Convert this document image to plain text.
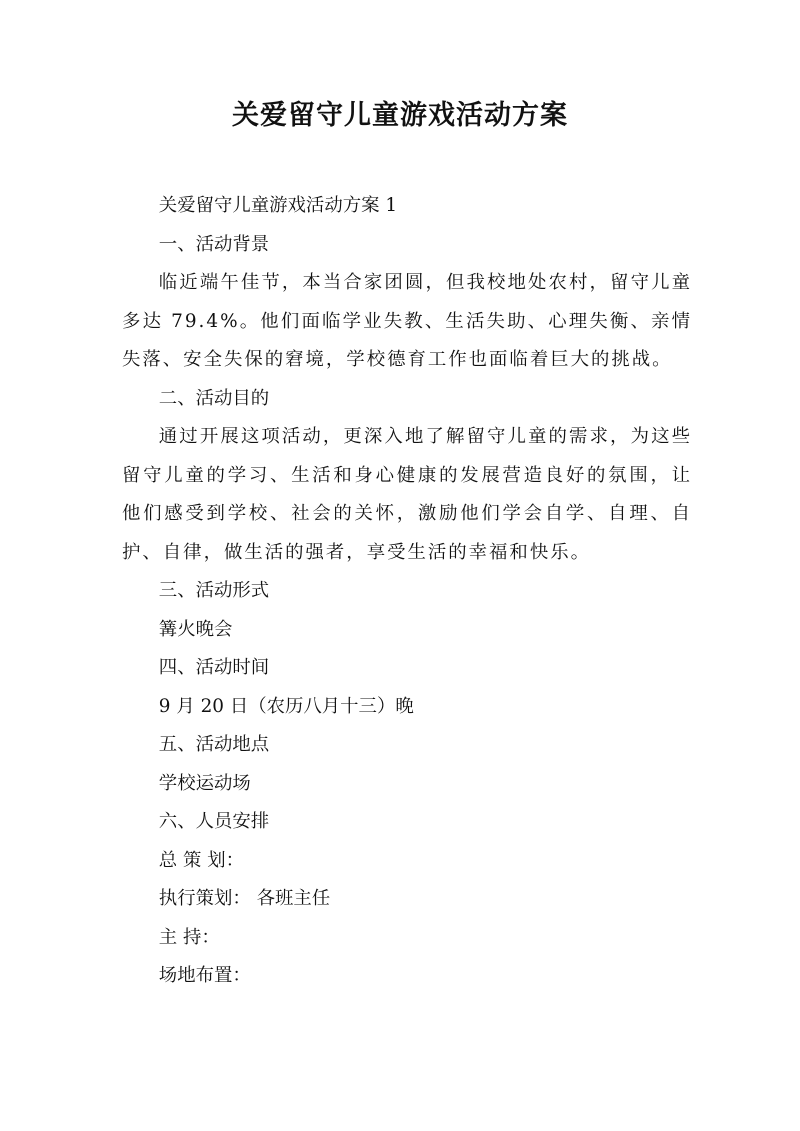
关爱留守儿童游戏活动方案

关爱留守儿童游戏活动方案 1

一、活动背景

临近端午佳节，本当合家团圆，但我校地处农村，留守儿童多达 79.4%。他们面临学业失教、生活失助、心理失衡、亲情失落、安全失保的窘境，学校德育工作也面临着巨大的挑战。

二、活动目的

通过开展这项活动，更深入地了解留守儿童的需求，为这些留守儿童的学习、生活和身心健康的发展营造良好的氛围，让他们感受到学校、社会的关怀，激励他们学会自学、自理、自护、自律，做生活的强者，享受生活的幸福和快乐。

三、活动形式

篝火晚会

四、活动时间

9 月 20 日（农历八月十三）晚

五、活动地点

学校运动场

六、人员安排

总 策 划：

执行策划： 各班主任

主 持：

场地布置：
